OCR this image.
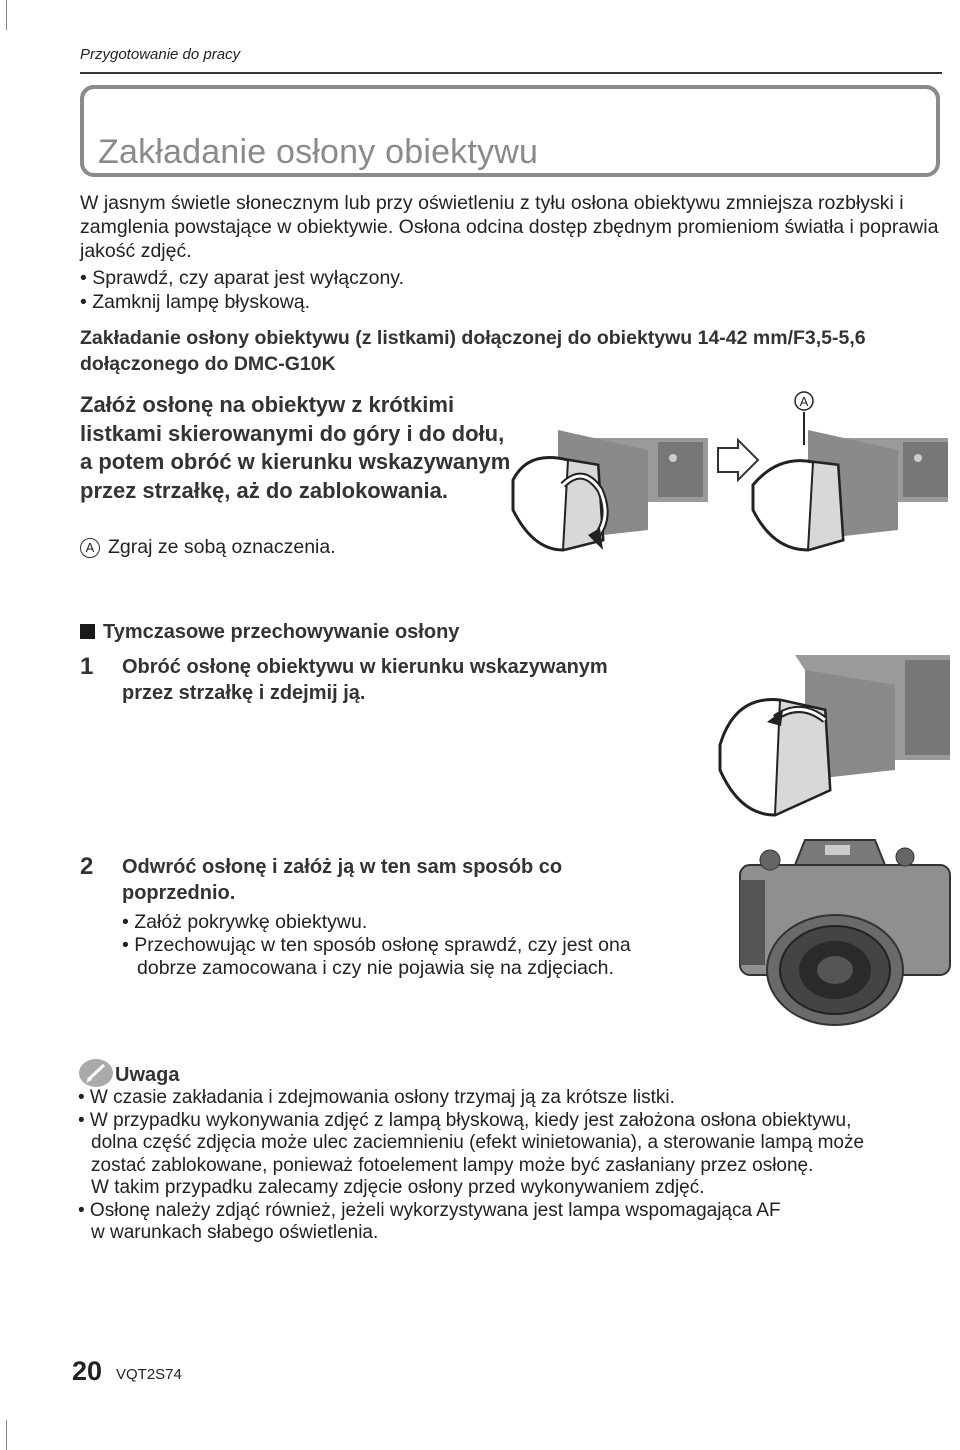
Przygotowanie do pracy
Zakładanie osłony obiektywu
W jasnym świetle słonecznym lub przy oświetleniu z tyłu osłona obiektywu zmniejsza rozbłyski i zamglenia powstające w obiektywie. Osłona odcina dostęp zbędnym promieniom światła i poprawia jakość zdjęć.
• Sprawdź, czy aparat jest wyłączony.
• Zamknij lampę błyskową.
Zakładanie osłony obiektywu (z listkami) dołączonej do obiektywu 14-42 mm/F3,5-5,6 dołączonego do DMC-G10K
Załóż osłonę na obiektyw z krótkimi listkami skierowanymi do góry i do dołu, a potem obróć w kierunku wskazywanym przez strzałkę, aż do zablokowania.
A Zgraj ze sobą oznaczenia.
A
Tymczasowe przechowywanie osłony
1 Obróć osłonę obiektywu w kierunku wskazywanym przez strzałkę i zdejmij ją.
2 Odwróć osłonę i załóż ją w ten sam sposób co poprzednio.
• Załóż pokrywkę obiektywu.
• Przechowując w ten sposób osłonę sprawdź, czy jest ona
dobrze zamocowana i czy nie pojawia się na zdjęciach.
Uwaga
• W czasie zakładania i zdejmowania osłony trzymaj ją za krótsze listki.
• W przypadku wykonywania zdjęć z lampą błyskową, kiedy jest założona osłona obiektywu,
dolna część zdjęcia może ulec zaciemnieniu (efekt winietowania), a sterowanie lampą może
zostać zablokowane, ponieważ fotoelement lampy może być zasłaniany przez osłonę.
W takim przypadku zalecamy zdjęcie osłony przed wykonywaniem zdjęć.
• Osłonę należy zdjąć również, jeżeli wykorzystywana jest lampa wspomagająca AF
w warunkach słabego oświetlenia.
20 VQT2S74
